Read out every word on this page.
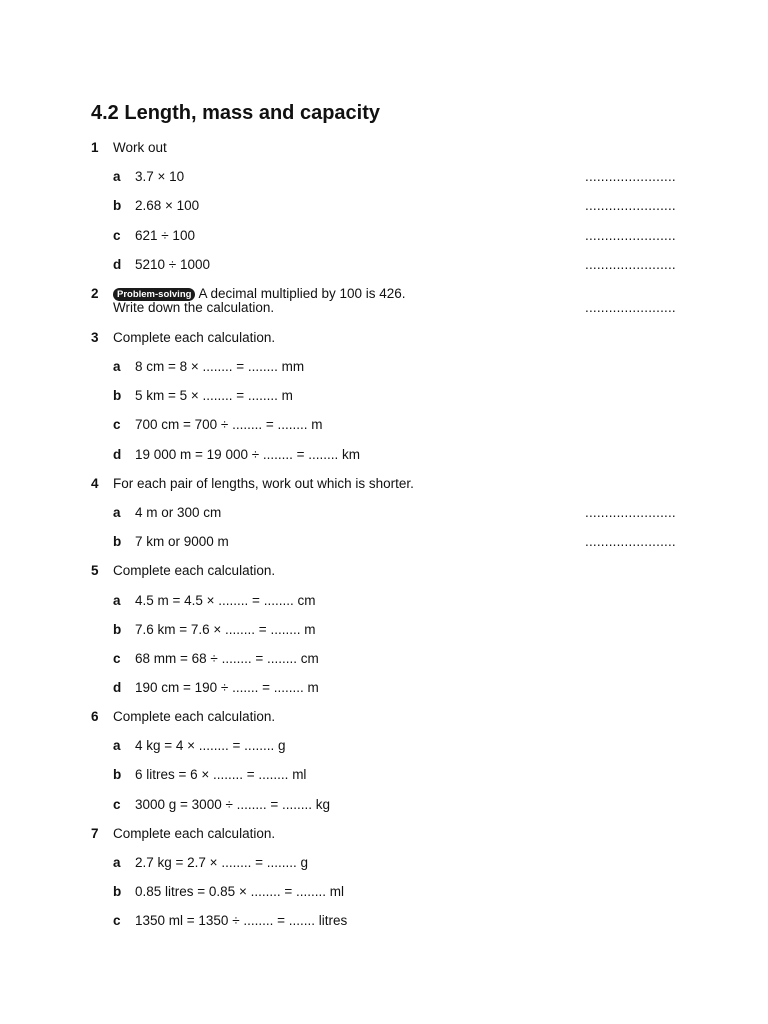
4.2 Length, mass and capacity
1 Work out
a 3.7 × 10	.......................
b 2.68 × 100	.......................
c 621 ÷ 100	.......................
d 5210 ÷ 1000	.......................
2	Problem-solving A decimal multiplied by 100 is 426.
Write down the calculation.	.......................
3 Complete each calculation.
a 8 cm = 8 × ........ = ........ mm
b 5 km = 5 × ........ = ........ m
c 700 cm = 700 ÷ ........ = ........ m
d 19 000 m = 19 000 ÷ ........ = ........ km
4 For each pair of lengths, work out which is shorter.
a 4 m or 300 cm	.......................
b 7 km or 9000 m	.......................
5 Complete each calculation.
a 4.5 m = 4.5 × ........ = ........ cm
b 7.6 km = 7.6 × ........ = ........ m
c 68 mm = 68 ÷ ........ = ........ cm
d 190 cm = 190 ÷ ....... = ........ m
6 Complete each calculation.
a 4 kg = 4 × ........ = ........ g
b 6 litres = 6 × ........ = ........ ml
c 3000 g = 3000 ÷ ........ = ........ kg
7 Complete each calculation.
a 2.7 kg = 2.7 × ........ = ........ g
b 0.85 litres = 0.85 × ........ = ........ ml
c 1350 ml = 1350 ÷ ........ = ....... litres
